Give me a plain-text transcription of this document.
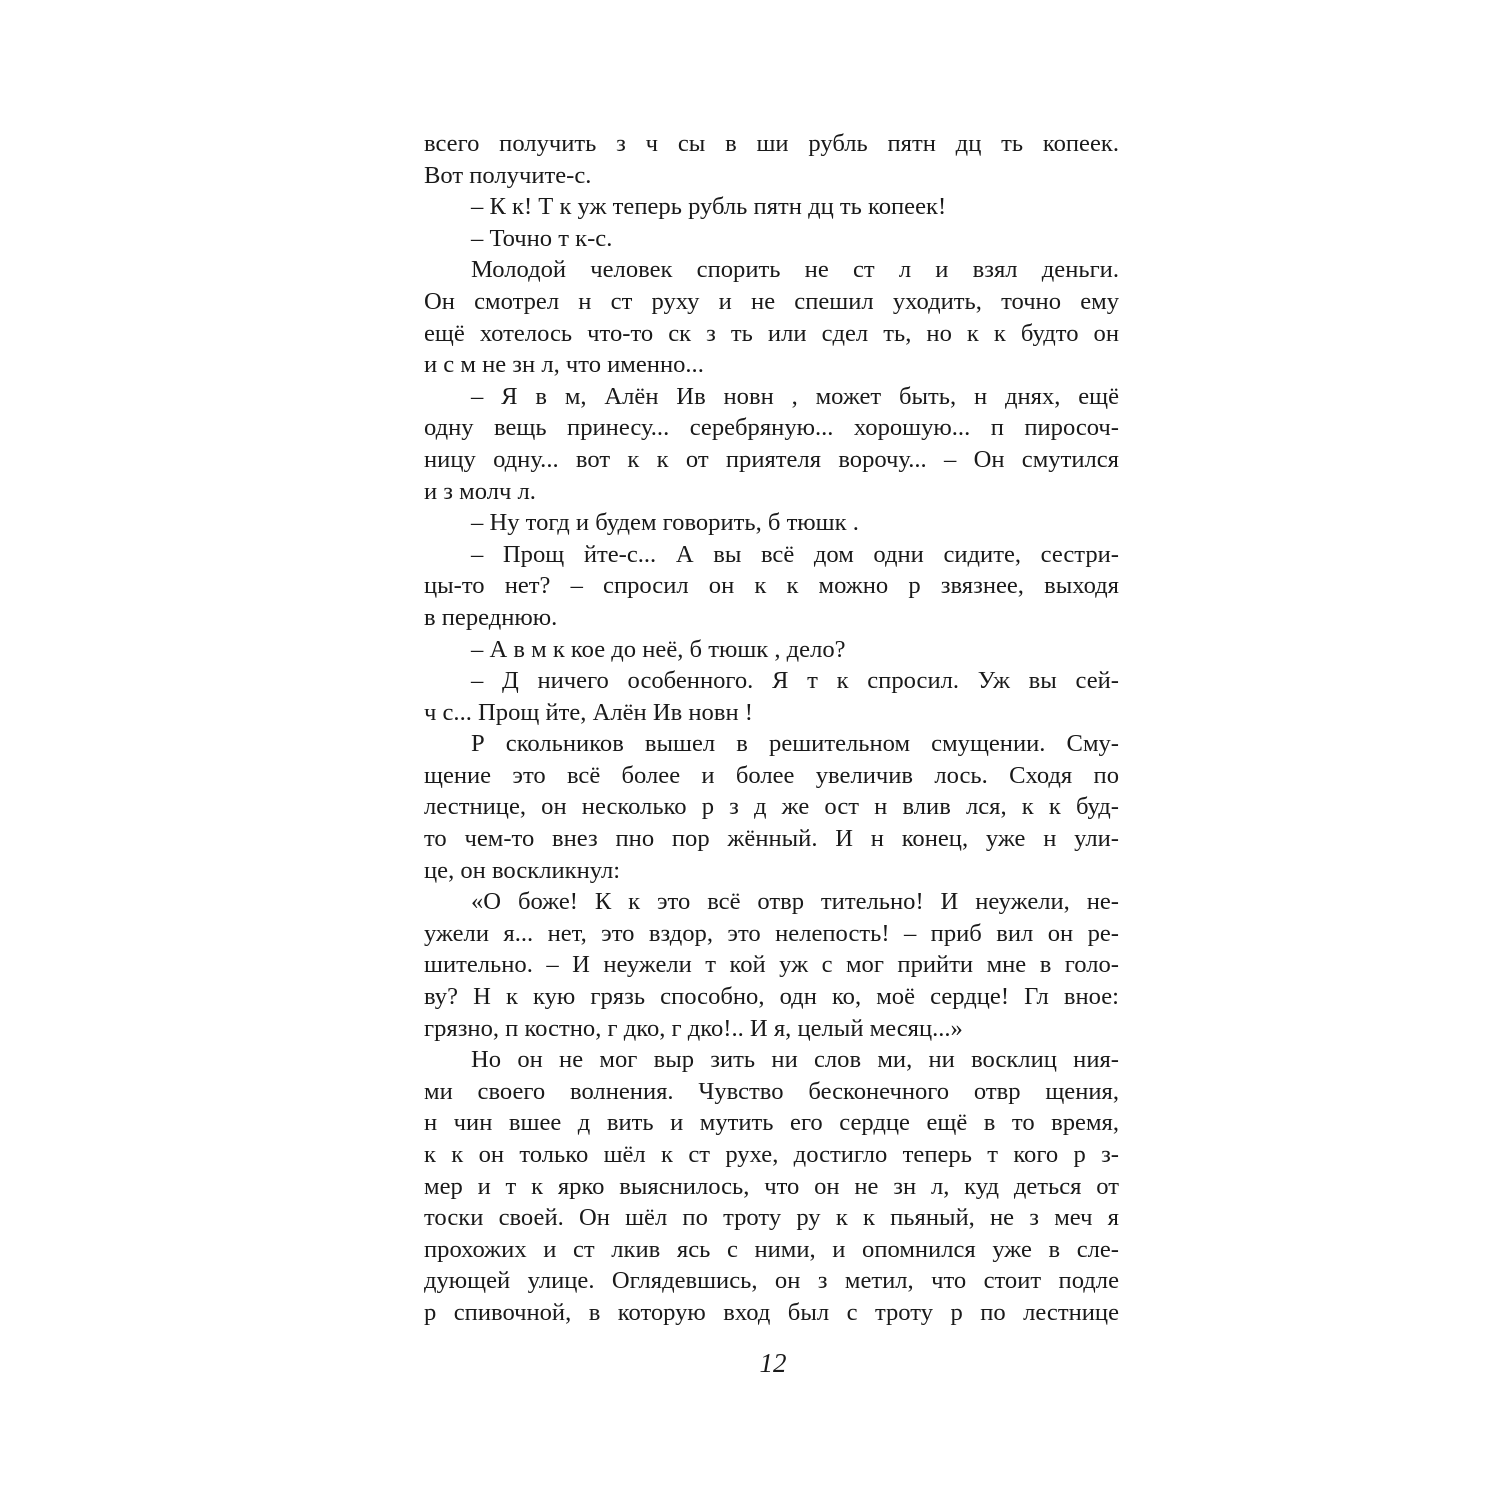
всего получить з ч сы в ши рубль пятн дц ть копеек.
Вот получите-с.
– К к! Т к уж теперь рубль пятн дц ть копеек!
– Точно т к-с.
Молодой человек спорить не ст л и взял деньги.
Он смотрел н ст руху и не спешил уходить, точно ему
ещё хотелось что-то ск з ть или сдел ть, но к к будто он
и с м не зн л, что именно...
– Я в м, Алён Ив новн , может быть, н днях, ещё
одну вещь принесу... серебряную... хорошую... п пиросоч-
ницу одну... вот к к от приятеля ворочу... – Он смутился
и з молч л.
– Ну тогд и будем говорить, б тюшк .
– Прощ йте-с... А вы всё дом одни сидите, сестри-
цы-то нет? – спросил он к к можно р звязнее, выходя
в переднюю.
– А в м к кое до неё, б тюшк , дело?
– Д ничего особенного. Я т к спросил. Уж вы сей-
ч с... Прощ йте, Алён Ив новн !
Р скольников вышел в решительном смущении. Сму-
щение это всё более и более увеличив лось. Сходя по
лестнице, он несколько р з д же ост н влив лся, к к буд-
то чем-то внез пно пор жённый. И н конец, уже н ули-
це, он воскликнул:
«О боже! К к это всё отвр тительно! И неужели, не-
ужели я... нет, это вздор, это нелепость! – приб вил он ре-
шительно. – И неужели т кой уж с мог прийти мне в голо-
ву? Н к кую грязь способно, одн ко, моё сердце! Гл вное:
грязно, п костно, г дко, г дко!.. И я, целый месяц...»
Но он не мог выр зить ни слов ми, ни восклиц ния-
ми своего волнения. Чувство бесконечного отвр щения,
н чин вшее д вить и мутить его сердце ещё в то время,
к к он только шёл к ст рухе, достигло теперь т кого р з-
мер и т к ярко выяснилось, что он не зн л, куд деться от
тоски своей. Он шёл по троту ру к к пьяный, не з меч я
прохожих и ст лкив ясь с ними, и опомнился уже в сле-
дующей улице. Оглядевшись, он з метил, что стоит подле
р спивочной, в которую вход был с троту р по лестнице
12
